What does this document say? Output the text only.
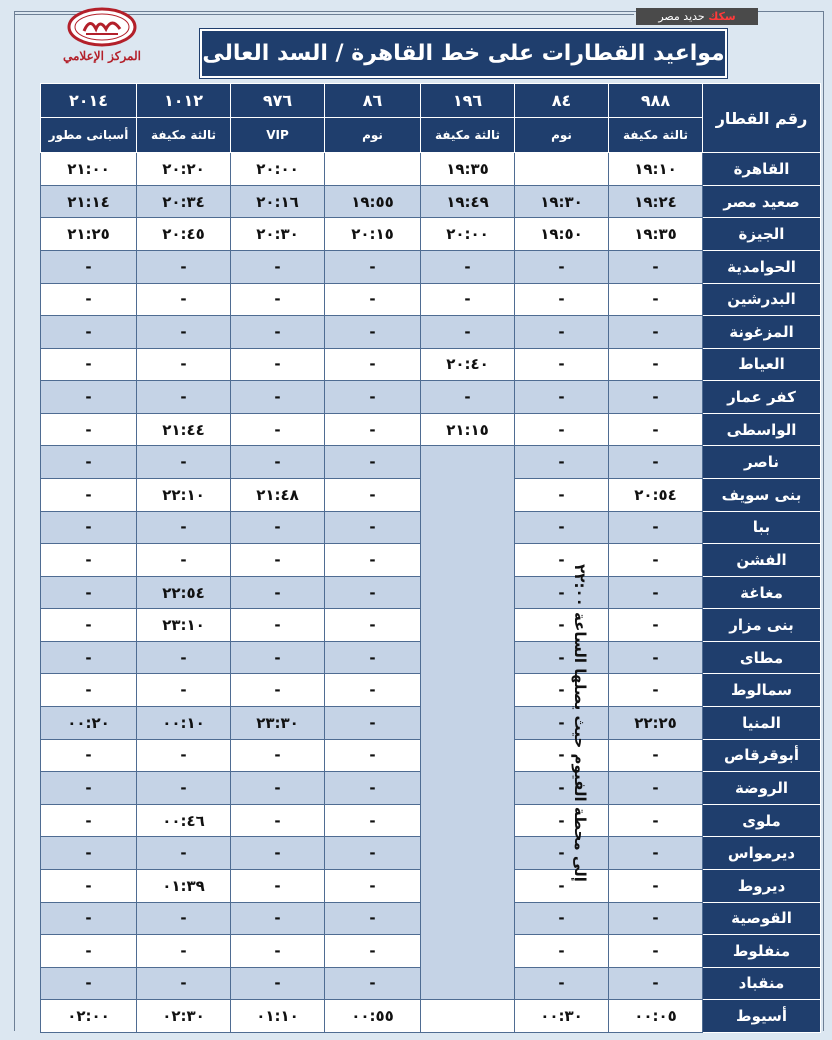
المركز الإعلامي
سكك حديد مصر
مواعيد القطارات على خط القاهرة / السد العالى
٢٠١٤	١٠١٢	٩٧٦	٨٦	١٩٦	٨٤	٩٨٨	رقم القطار
أسبانى مطور	ثالثة مكيفة	VIP	نوم	ثالثة مكيفة	نوم	ثالثة مكيفة	
٢١:٠٠	٢٠:٢٠	٢٠:٠٠		١٩:٣٥		١٩:١٠	القاهرة
٢١:١٤	٢٠:٣٤	٢٠:١٦	١٩:٥٥	١٩:٤٩	١٩:٣٠	١٩:٢٤	صعيد مصر
٢١:٢٥	٢٠:٤٥	٢٠:٣٠	٢٠:١٥	٢٠:٠٠	١٩:٥٠	١٩:٣٥	الجيزة
-	-	-	-	-	-	-	الحوامدية
-	-	-	-	-	-	-	البدرشين
-	-	-	-	-	-	-	المزغونة
-	-	-	-	٢٠:٤٠	-	-	العياط
-	-	-	-	-	-	-	كفر عمار
-	٢١:٤٤	-	-	٢١:١٥	-	-	الواسطى
-	-	-	-	إلى محطة الفيوم حيث يصلها الساعة ٢٢:٠٠	-	-	ناصر
-	٢٢:١٠	٢١:٤٨	-		-	٢٠:٥٤	بنى سويف
-	-	-	-		-	-	ببا
-	-	-	-		-	-	الفشن
-	٢٢:٥٤	-	-		-	-	مغاغة
-	٢٣:١٠	-	-		-	-	بنى مزار
-	-	-	-		-	-	مطاى
-	-	-	-		-	-	سمالوط
٠٠:٢٠	٠٠:١٠	٢٣:٣٠	-		-	٢٢:٢٥	المنيا
-	-	-	-		-	-	أبوقرقاص
-	-	-	-		-	-	الروضة
-	٠٠:٤٦	-	-		-	-	ملوى
-	-	-	-		-	-	ديرمواس
-	٠١:٣٩	-	-		-	-	ديروط
-	-	-	-		-	-	القوصية
-	-	-	-		-	-	منفلوط
-	-	-	-		-	-	منقباد
٠٢:٠٠	٠٢:٣٠	٠١:١٠	٠٠:٥٥		٠٠:٣٠	٠٠:٠٥	أسيوط
